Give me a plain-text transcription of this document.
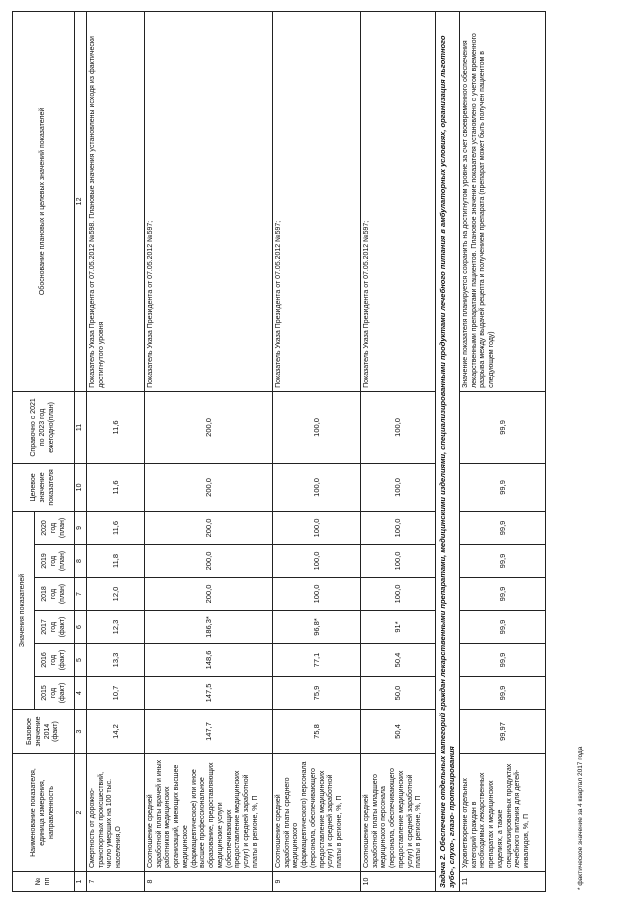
№ пп	Наименование показателя, единица измерения, направленность	Базовое значение 2014 (факт)	Значения показателей						Целевое значение показателя	Справочно с 2021 по 2023 год ежегодно(план)	Обоснование плановых и целевых значений показателей
			2015 год (факт)	2016 год (факт)	2017 год (факт)	2018 год (план)	2019 год (план)	2020 год (план)			
1	2	3	4	5	6	7	8	9	10	11	12
7	Смертность от дорожно-транспортных происшествий, число умерших на 100 тыс. населения,О	14,2	10,7	13,3	12,3	12,0	11,8	11,6	11,6	11,6	Показатель Указа Президента от 07.05.2012 №598. Плановые значения установлены исходя из фактически достигнутого уровня
8	Соотношение средней заработной платы врачей и иных работников медицинских организаций, имеющих высшее медицинское (фармацевтическое) или иное высшее профессиональное образование, предоставляющих медицинские услуги (обеспечивающих предоставление медицинских услуг) и средней заработной платы в регионе, %, П	147,7	147,5	148,6	186,3*	200,0	200,0	200,0	200,0	200,0	Показатель Указа Президента от 07.05.2012 №597;
9	Соотношение средней заработной платы среднего медицинского (фармацевтического) персонала (персонала, обеспечивающего предоставление медицинских услуг) и средней заработной платы в регионе, %, П	75,8	75,9	77,1	96,8*	100,0	100,0	100,0	100,0	100,0	Показатель Указа Президента от 07.05.2012 №597;
10	Соотношение средней заработной платы младшего медицинского персонала (персонала, обеспечивающего предоставление медицинских услуг) и средней заработной платы в регионе, %, П	50,4	50,0	50,4	91*	100,0	100,0	100,0	100,0	100,0	Показатель Указа Президента от 07.05.2012 №597;
Задача 2. Обеспечение отдельных категорий граждан лекарственными препаратами, медицинскими изделиями, специализированными продуктами лечебного питания в амбулаторных условиях, организация льготного зубо-, слухо-, глазо- протезирования											
11	Удовлетворение отдельных категорий граждан в необходимых лекарственных препаратах и медицинских изделиях, а также специализированных продуктах лечебного питания для детей-инвалидов, %, П	99,97	99,9	99,9	99,9	99,9	99,9	99,9	99,9	99,9	Значение показателя планируется сохранить на достигнутом уровне за счет своевременного обеспечения лекарственными препаратами пациентов. Плановое значение показателя установлено с учетом временного разрыва между выдачей рецепта и получением препарата (препарат может быть получен пациентом в следующем году)
* фактическое значение за 4 квартал 2017 года
